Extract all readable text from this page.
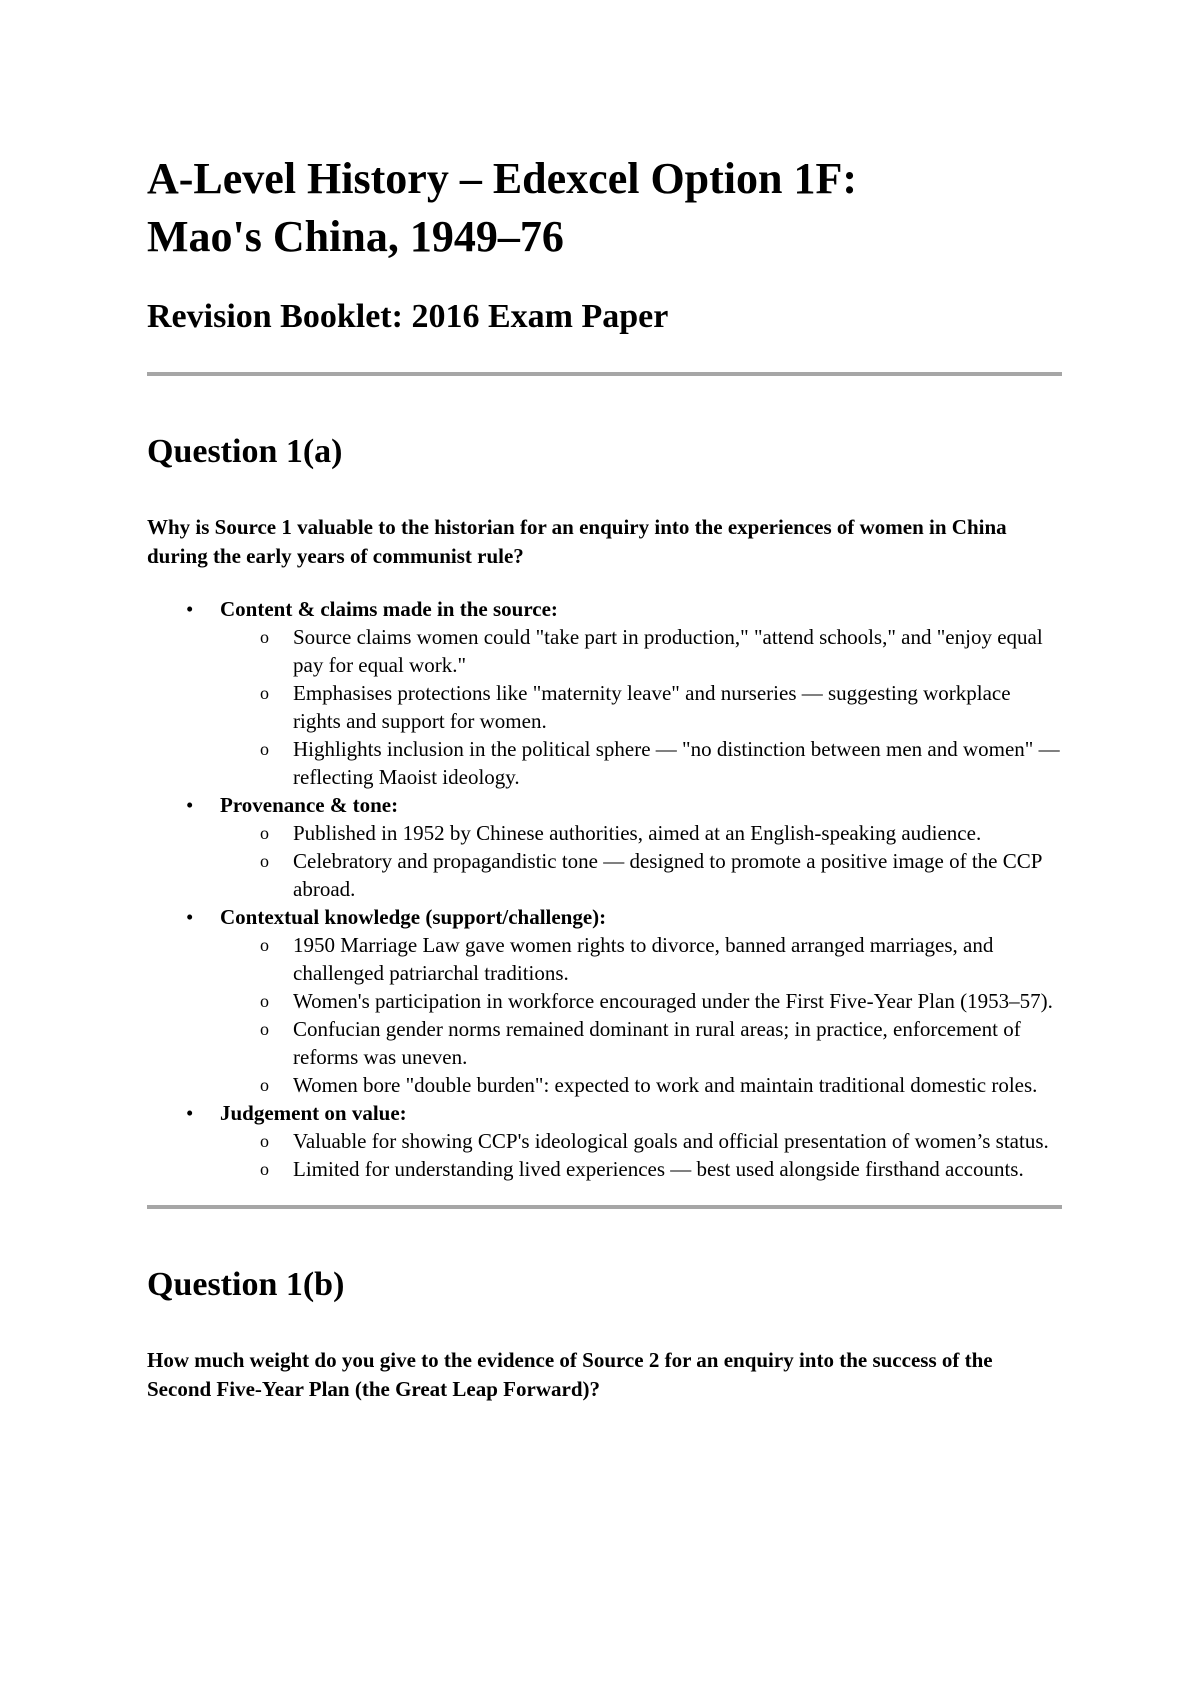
A-Level History – Edexcel Option 1F:
Mao's China, 1949–76
Revision Booklet: 2016 Exam Paper
Question 1(a)

Why is Source 1 valuable to the historian for an enquiry into the experiences of women in China during the early years of communist rule?

• Content & claims made in the source:
o Source claims women could "take part in production," "attend schools," and "enjoy equal pay for equal work."
o Emphasises protections like "maternity leave" and nurseries — suggesting workplace rights and support for women.
o Highlights inclusion in the political sphere — "no distinction between men and women" — reflecting Maoist ideology.
• Provenance & tone:
o Published in 1952 by Chinese authorities, aimed at an English-speaking audience.
o Celebratory and propagandistic tone — designed to promote a positive image of the CCP abroad.
• Contextual knowledge (support/challenge):
o 1950 Marriage Law gave women rights to divorce, banned arranged marriages, and challenged patriarchal traditions.
o Women's participation in workforce encouraged under the First Five-Year Plan (1953–57).
o Confucian gender norms remained dominant in rural areas; in practice, enforcement of reforms was uneven.
o Women bore "double burden": expected to work and maintain traditional domestic roles.
• Judgement on value:
o Valuable for showing CCP's ideological goals and official presentation of women’s status.
o Limited for understanding lived experiences — best used alongside firsthand accounts.
Question 1(b)

How much weight do you give to the evidence of Source 2 for an enquiry into the success of the Second Five-Year Plan (the Great Leap Forward)?
